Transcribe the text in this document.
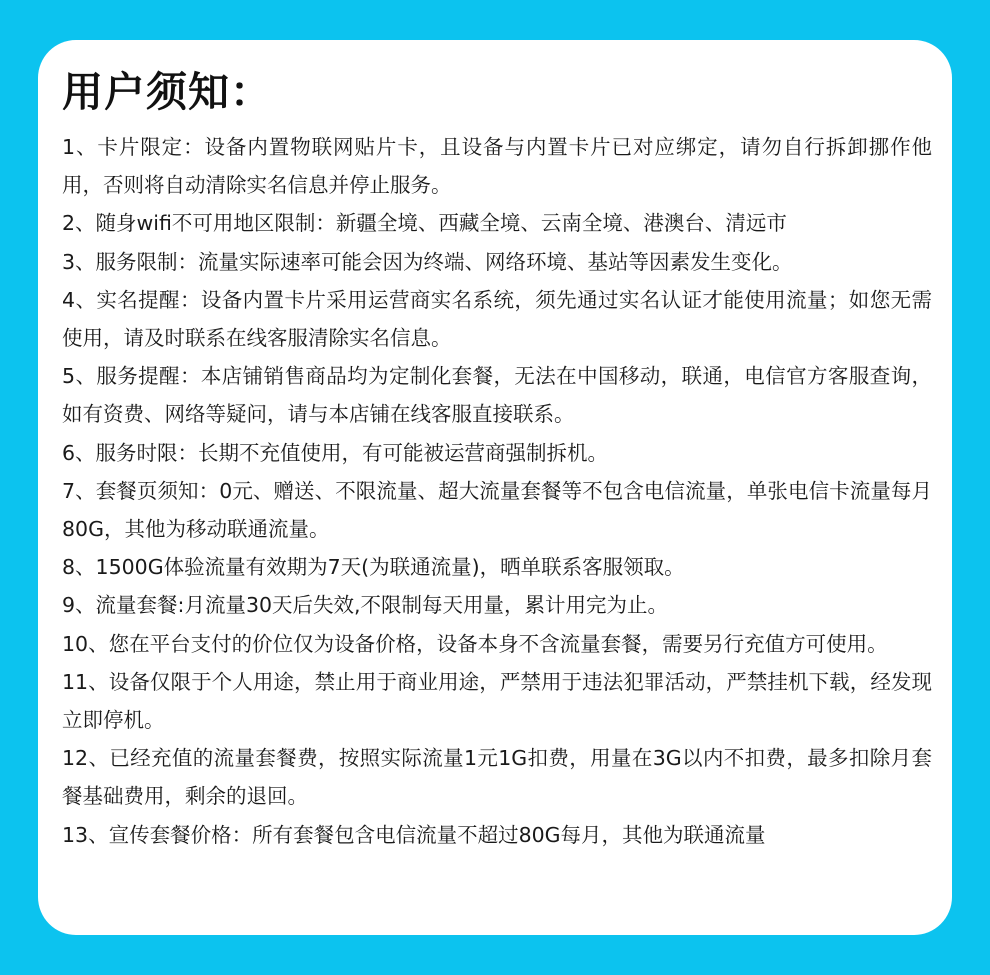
用户须知：
1、卡片限定：设备内置物联网贴片卡，且设备与内置卡片已对应绑定，请勿自行拆卸挪作他用，否则将自动清除实名信息并停止服务。
2、随身wifi不可用地区限制：新疆全境、西藏全境、云南全境、港澳台、清远市
3、服务限制：流量实际速率可能会因为终端、网络环境、基站等因素发生变化。
4、实名提醒：设备内置卡片采用运营商实名系统，须先通过实名认证才能使用流量；如您无需使用，请及时联系在线客服清除实名信息。
5、服务提醒：本店铺销售商品均为定制化套餐，无法在中国移动，联通，电信官方客服查询，如有资费、网络等疑问，请与本店铺在线客服直接联系。
6、服务时限：长期不充值使用，有可能被运营商强制拆机。
7、套餐页须知：0元、赠送、不限流量、超大流量套餐等不包含电信流量，单张电信卡流量每月80G，其他为移动联通流量。
8、1500G体验流量有效期为7天(为联通流量)，晒单联系客服领取。
9、流量套餐:月流量30天后失效,不限制每天用量，累计用完为止。
10、您在平台支付的价位仅为设备价格，设备本身不含流量套餐，需要另行充值方可使用。
11、设备仅限于个人用途，禁止用于商业用途，严禁用于违法犯罪活动，严禁挂机下载，经发现立即停机。
12、已经充值的流量套餐费，按照实际流量1元1G扣费，用量在3G以内不扣费，最多扣除月套餐基础费用，剩余的退回。
13、宣传套餐价格：所有套餐包含电信流量不超过80G每月，其他为联通流量
